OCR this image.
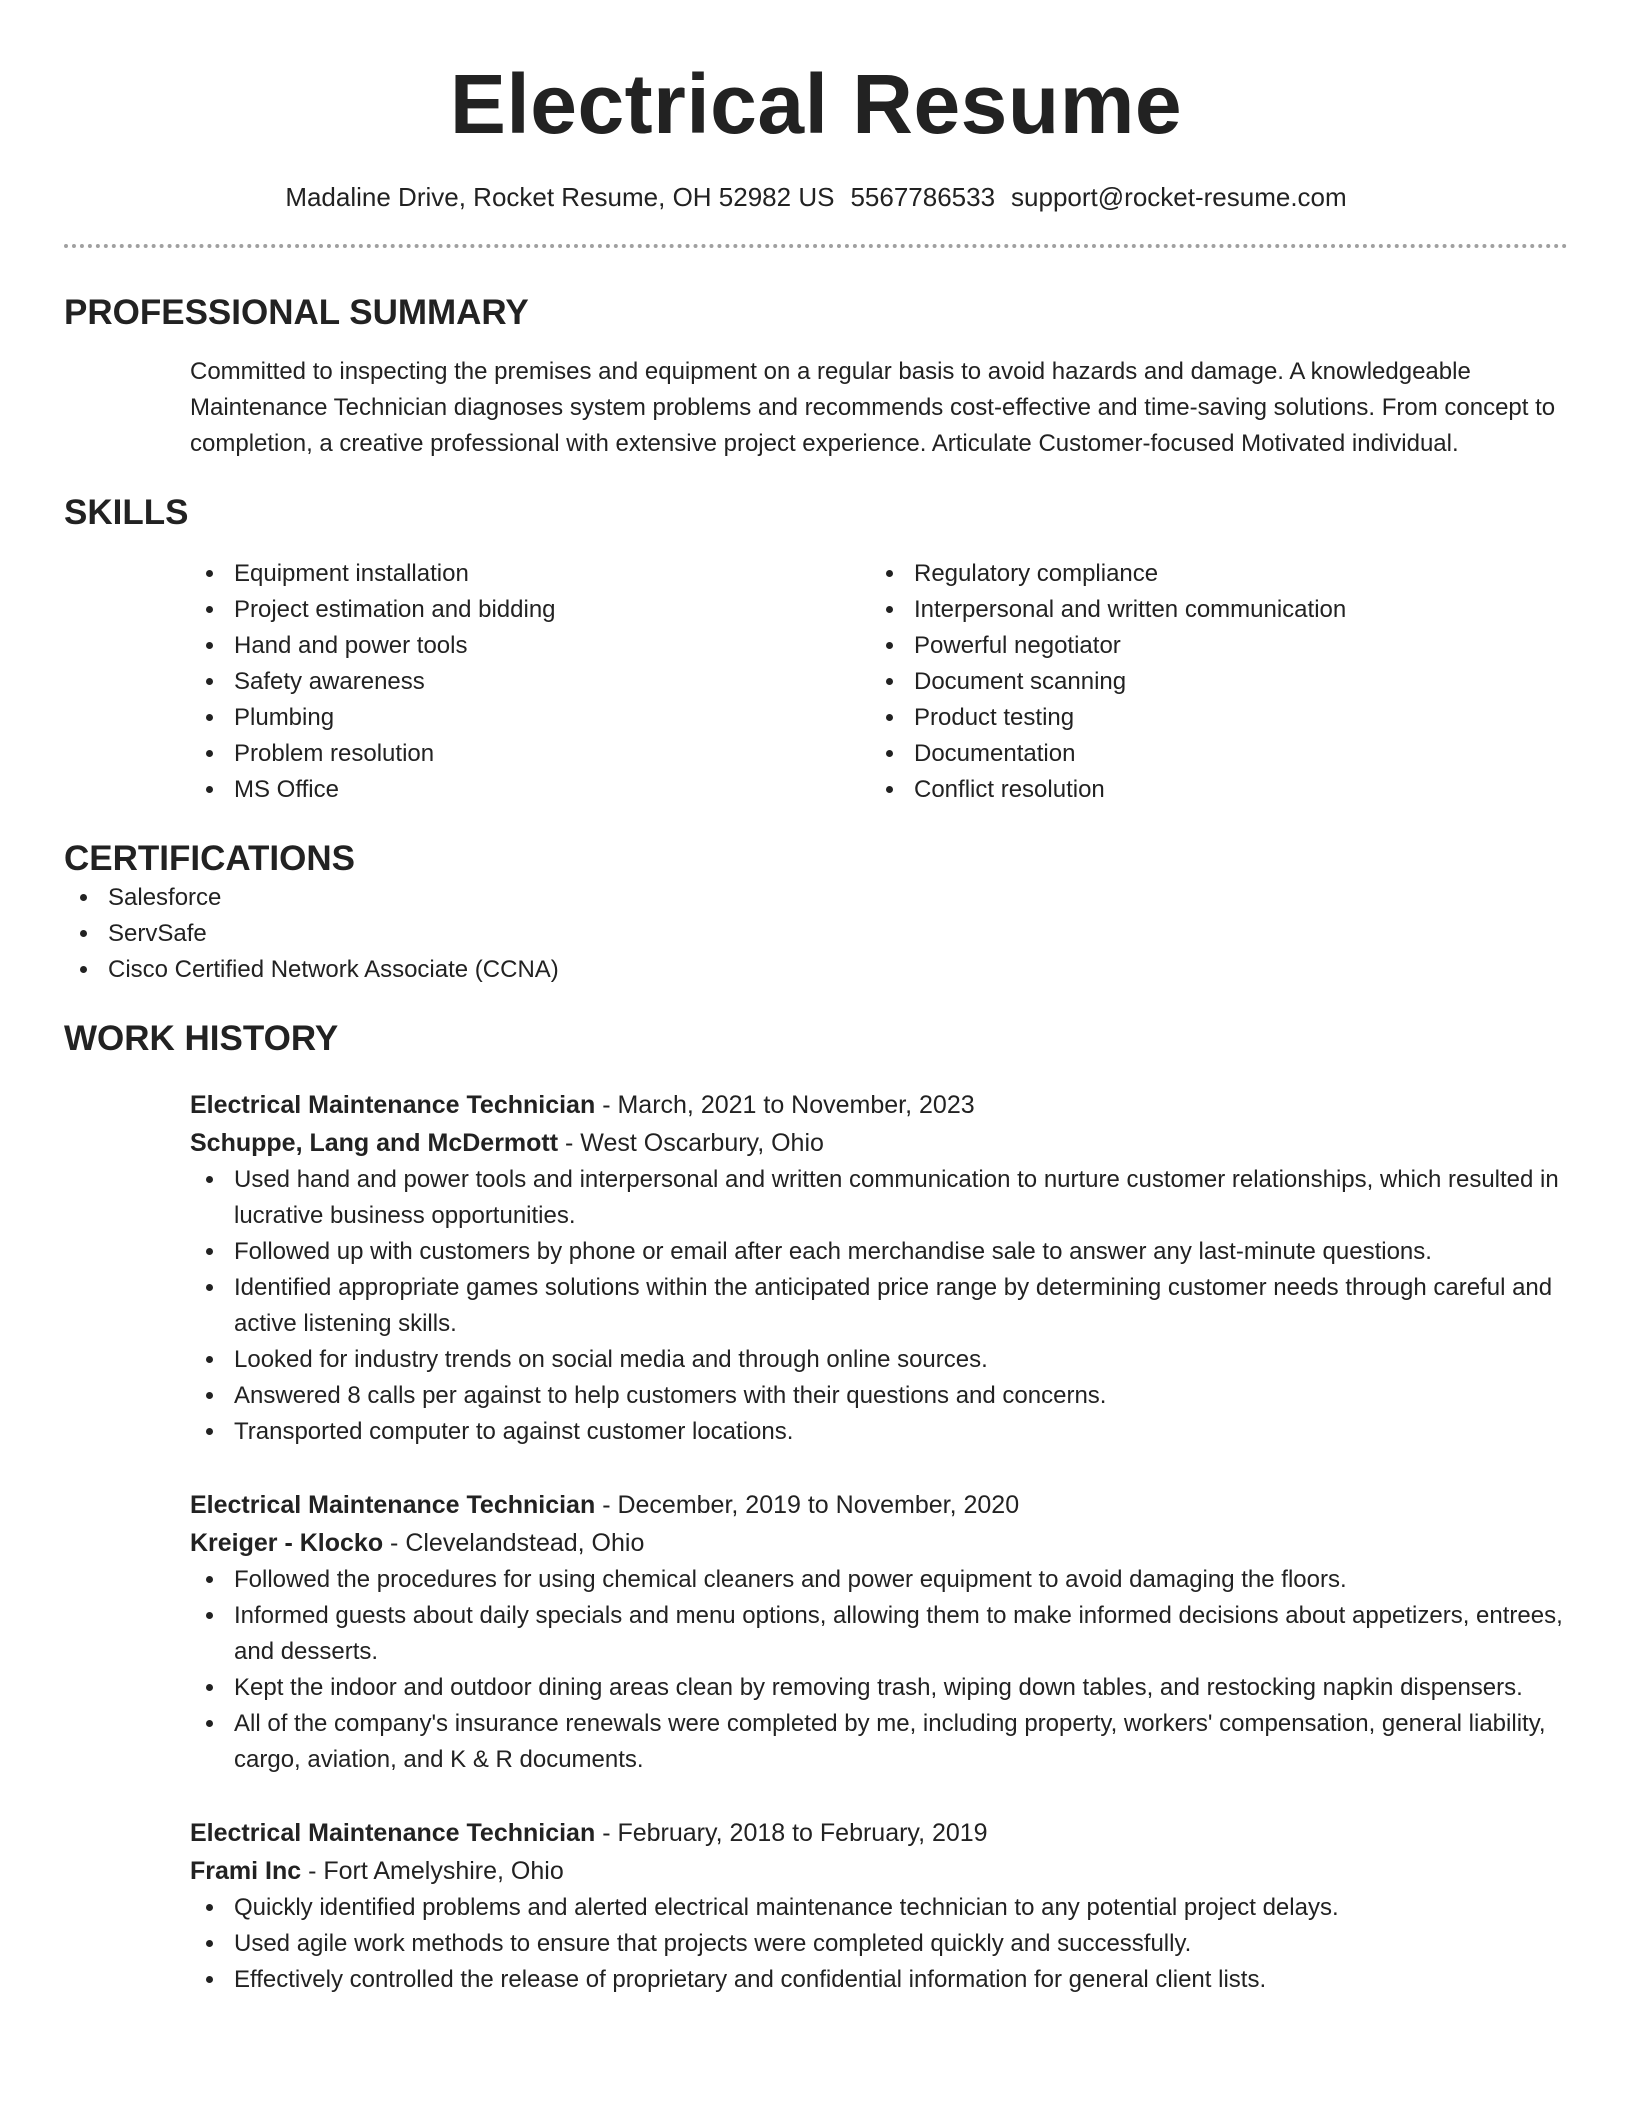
Electrical Resume
Madaline Drive, Rocket Resume, OH 52982 US 5567786533 support@rocket-resume.com
PROFESSIONAL SUMMARY

Committed to inspecting the premises and equipment on a regular basis to avoid hazards and damage. A knowledgeable Maintenance Technician diagnoses system problems and recommends cost-effective and time-saving solutions. From concept to completion, a creative professional with extensive project experience. Articulate Customer-focused Motivated individual.

SKILLS
Equipment installation
Project estimation and bidding
Hand and power tools
Safety awareness
Plumbing
Problem resolution
MS Office
Regulatory compliance
Interpersonal and written communication
Powerful negotiator
Document scanning
Product testing
Documentation
Conflict resolution
CERTIFICATIONS
Salesforce
ServSafe
Cisco Certified Network Associate (CCNA)
WORK HISTORY
Electrical Maintenance Technician - March, 2021 to November, 2023
Schuppe, Lang and McDermott - West Oscarbury, Ohio
Used hand and power tools and interpersonal and written communication to nurture customer relationships, which resulted in lucrative business opportunities.
Followed up with customers by phone or email after each merchandise sale to answer any last-minute questions.
Identified appropriate games solutions within the anticipated price range by determining customer needs through careful and active listening skills.
Looked for industry trends on social media and through online sources.
Answered 8 calls per against to help customers with their questions and concerns.
Transported computer to against customer locations.
Electrical Maintenance Technician - December, 2019 to November, 2020
Kreiger - Klocko - Clevelandstead, Ohio
Followed the procedures for using chemical cleaners and power equipment to avoid damaging the floors.
Informed guests about daily specials and menu options, allowing them to make informed decisions about appetizers, entrees, and desserts.
Kept the indoor and outdoor dining areas clean by removing trash, wiping down tables, and restocking napkin dispensers.
All of the company's insurance renewals were completed by me, including property, workers' compensation, general liability, cargo, aviation, and K & R documents.
Electrical Maintenance Technician - February, 2018 to February, 2019
Frami Inc - Fort Amelyshire, Ohio
Quickly identified problems and alerted electrical maintenance technician to any potential project delays.
Used agile work methods to ensure that projects were completed quickly and successfully.
Effectively controlled the release of proprietary and confidential information for general client lists.
